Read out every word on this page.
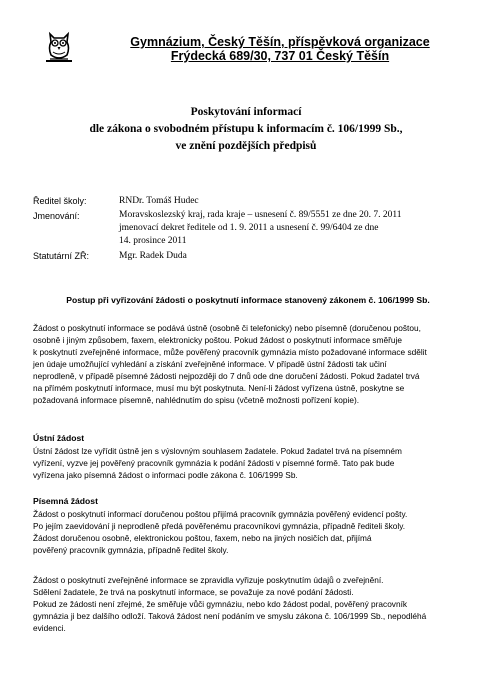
Gymnázium, Český Těšín, příspěvková organizace
Frýdecká 689/30, 737 01 Český Těšín
Poskytování informací
dle zákona o svobodném přístupu k informacím č. 106/1999 Sb.,
ve znění pozdějších předpisů
Ředitel školy:	RNDr. Tomáš Hudec
Jmenování:	Moravskoslezský kraj, rada kraje – usnesení č. 89/5551 ze dne 20. 7. 2011
jmenovací dekret ředitele od 1. 9. 2011 a usnesení č. 99/6404 ze dne
14. prosince 2011
Statutární ZŘ:	Mgr. Radek Duda
Postup při vyřizování žádosti o poskytnutí informace stanovený zákonem č. 106/1999 Sb.
Žádost o poskytnutí informace se podává ústně (osobně či telefonicky) nebo písemně (doručenou poštou,
osobně i jiným způsobem, faxem, elektronicky poštou. Pokud žádost o poskytnutí informace směřuje
k poskytnutí zveřejněné informace, může pověřený pracovník gymnázia místo požadované informace sdělit
jen údaje umožňující vyhledání a získání zveřejněné informace. V případě ústní žádosti tak učiní
neprodleně, v případě písemné žádosti nejpozději do 7 dnů ode dne doručení žádosti. Pokud žadatel trvá
na přímém poskytnutí informace, musí mu být poskytnuta. Není-li žádost vyřízena ústně, poskytne se
požadovaná informace písemně, nahlédnutím do spisu (včetně možnosti pořízení kopie).
Ústní žádost
Ústní žádost lze vyřídit ústně jen s výslovným souhlasem žadatele. Pokud žadatel trvá na písemném
vyřízení, vyzve jej pověřený pracovník gymnázia k podání žádosti v písemné formě. Tato pak bude
vyřízena jako písemná žádost o informaci podle zákona č. 106/1999 Sb.
Písemná žádost
Žádost o poskytnutí informací doručenou poštou přijímá pracovník gymnázia pověřený evidencí pošty.
Po jejím zaevidování ji neprodleně předá pověřenému pracovníkovi gymnázia, případně řediteli školy.
Žádost doručenou osobně, elektronickou poštou, faxem, nebo na jiných nosičích dat, přijímá
pověřený pracovník gymnázia, případně ředitel školy.
Žádost o poskytnutí zveřejněné informace se zpravidla vyřizuje poskytnutím údajů o zveřejnění.
Sdělení žadatele, že trvá na poskytnutí informace, se považuje za nové podání žádosti.
Pokud ze žádosti není zřejmé, že směřuje vůči gymnáziu, nebo kdo žádost podal, pověřený pracovník
gymnázia ji bez dalšího odloží. Taková žádost není podáním ve smyslu zákona č. 106/1999 Sb., nepodléhá
evidenci.
